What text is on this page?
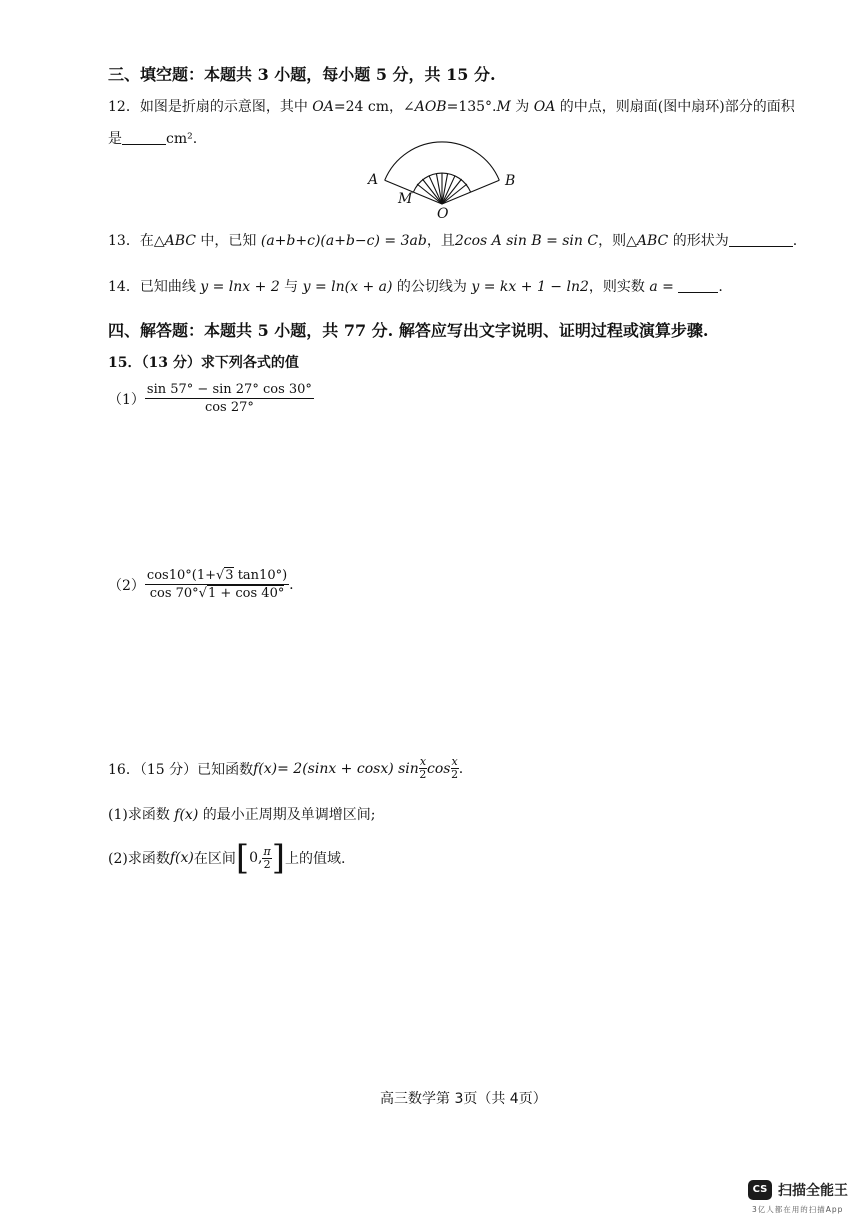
三、填空题：本题共 3 小题，每小题 5 分，共 15 分.
12．如图是折扇的示意图，其中 OA=24 cm，∠AOB=135°.M 为 OA 的中点，则扇面(图中扇环)部分的面积
是	cm².
A	B
M
O
13．在△ABC 中，已知 (a+b+c)(a+b−c) = 3ab，且2cos A sin B = sin C，则△ABC 的形状为	.
14．已知曲线 y = lnx + 2 与 y = ln(x + a) 的公切线为 y = kx + 1 − ln2，则实数 a =	.
四、解答题：本题共 5 小题，共 77 分. 解答应写出文字说明、证明过程或演算步骤.
15．（13 分）求下列各式的值
$(1) \frac{\sin 57^\circ - \sin 27^\circ \cos 30^\circ}{\cos 27^\circ}$
$(2) \frac{\cos 10^\circ(1+√3 \tan 10^\circ)}{\cos 70^\circ√1 + \cos 40^\circ}$ .
16．（15 分）已知函数 f (x) = 2(sinx + cosx) sin x
2 cos x
2 .
(1)求函数 f(x) 的最小正周期及单调增区间;
(2)求函数 f (x) 在区间 [ 0, π
2 ] 上的值域.
高三数学第 3页（共 4页）
CS 扫描全能王
3亿人都在用的扫描App
